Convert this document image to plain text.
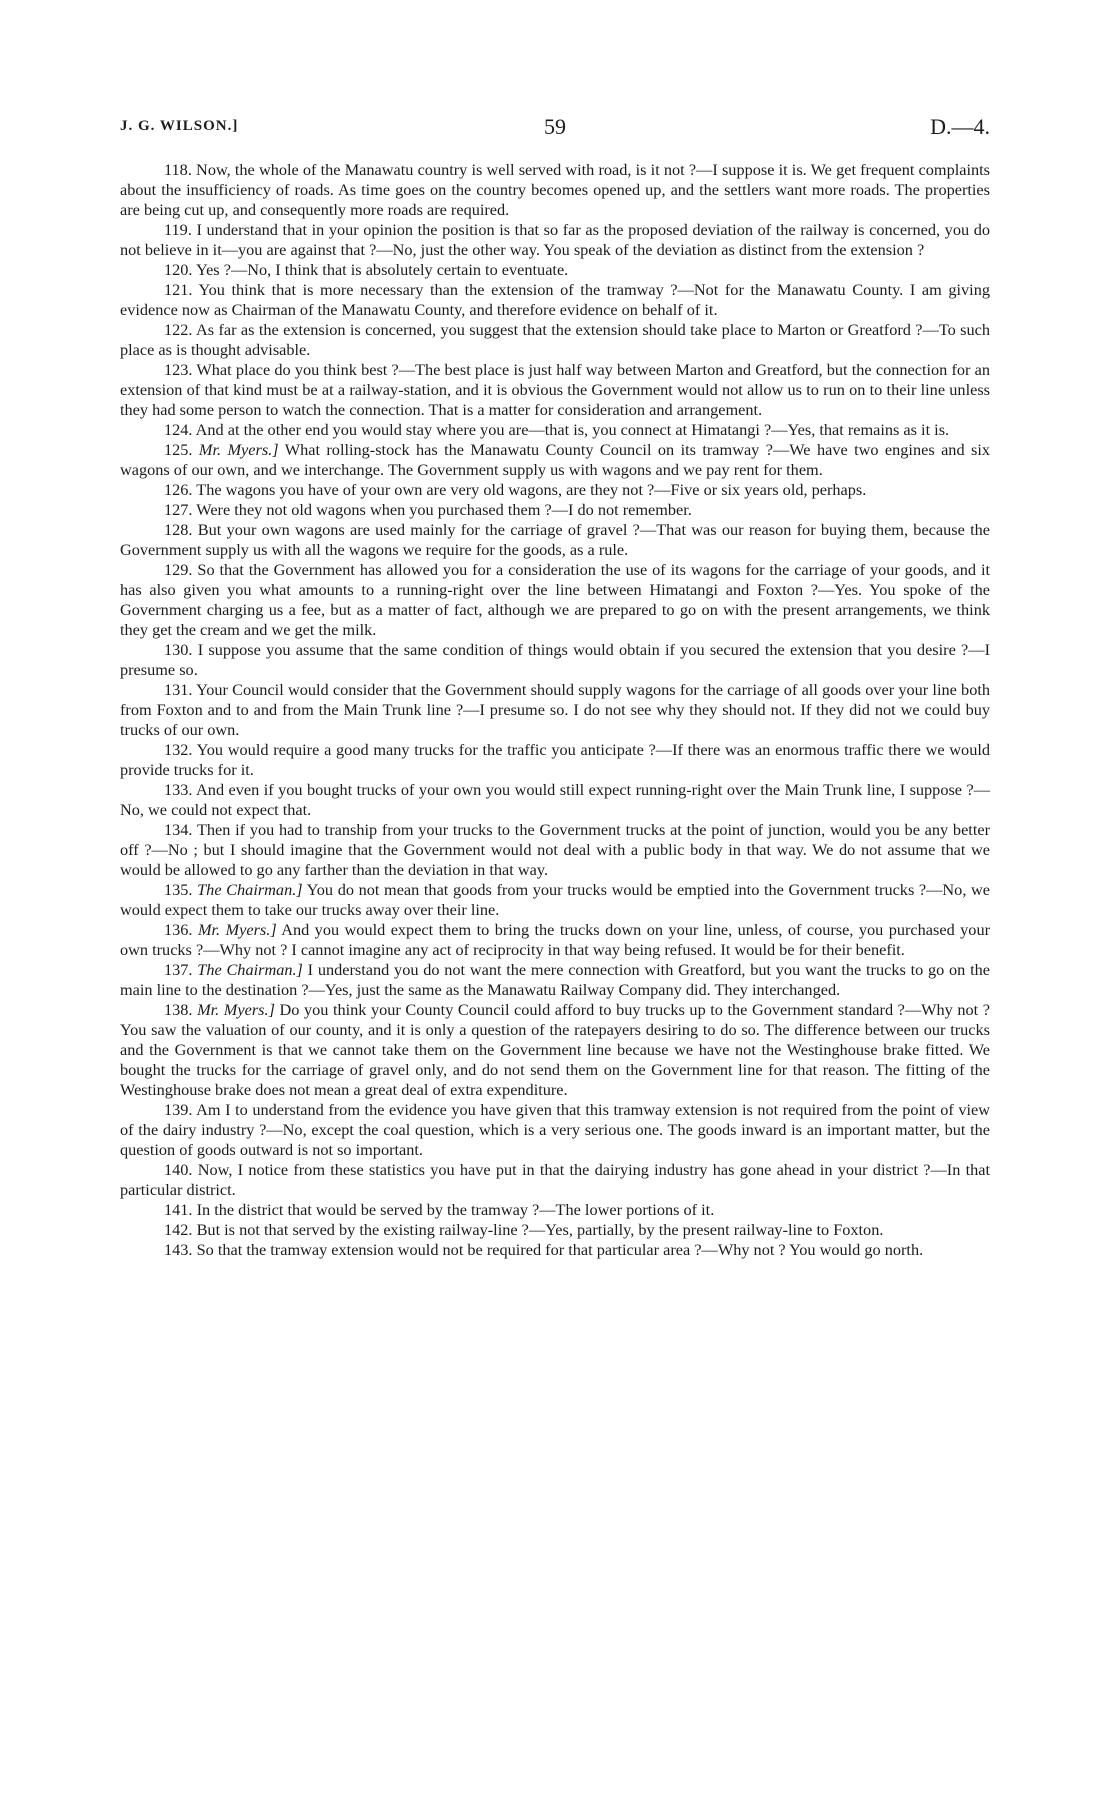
J. G. WILSON.]	59	D.—4.

118. Now, the whole of the Manawatu country is well served with road, is it not ?—I suppose it is. We get frequent complaints about the insufficiency of roads. As time goes on the country becomes opened up, and the settlers want more roads. The properties are being cut up, and consequently more roads are required.

119. I understand that in your opinion the position is that so far as the proposed deviation of the railway is concerned, you do not believe in it—you are against that ?—No, just the other way. You speak of the deviation as distinct from the extension ?

120. Yes ?—No, I think that is absolutely certain to eventuate.

121. You think that is more necessary than the extension of the tramway ?—Not for the Manawatu County. I am giving evidence now as Chairman of the Manawatu County, and therefore evidence on behalf of it.

122. As far as the extension is concerned, you suggest that the extension should take place to Marton or Greatford ?—To such place as is thought advisable.

123. What place do you think best ?—The best place is just half way between Marton and Greatford, but the connection for an extension of that kind must be at a railway-station, and it is obvious the Government would not allow us to run on to their line unless they had some person to watch the connection. That is a matter for consideration and arrangement.

124. And at the other end you would stay where you are—that is, you connect at Himatangi ?—Yes, that remains as it is.

125. Mr. Myers.] What rolling-stock has the Manawatu County Council on its tramway ?—We have two engines and six wagons of our own, and we interchange. The Government supply us with wagons and we pay rent for them.

126. The wagons you have of your own are very old wagons, are they not ?—Five or six years old, perhaps.

127. Were they not old wagons when you purchased them ?—I do not remember.

128. But your own wagons are used mainly for the carriage of gravel ?—That was our reason for buying them, because the Government supply us with all the wagons we require for the goods, as a rule.

129. So that the Government has allowed you for a consideration the use of its wagons for the carriage of your goods, and it has also given you what amounts to a running-right over the line between Himatangi and Foxton ?—Yes. You spoke of the Government charging us a fee, but as a matter of fact, although we are prepared to go on with the present arrangements, we think they get the cream and we get the milk.

130. I suppose you assume that the same condition of things would obtain if you secured the extension that you desire ?—I presume so.

131. Your Council would consider that the Government should supply wagons for the carriage of all goods over your line both from Foxton and to and from the Main Trunk line ?—I presume so. I do not see why they should not. If they did not we could buy trucks of our own.

132. You would require a good many trucks for the traffic you anticipate ?—If there was an enormous traffic there we would provide trucks for it.

133. And even if you bought trucks of your own you would still expect running-right over the Main Trunk line, I suppose ?—No, we could not expect that.

134. Then if you had to tranship from your trucks to the Government trucks at the point of junction, would you be any better off ?—No ; but I should imagine that the Government would not deal with a public body in that way. We do not assume that we would be allowed to go any farther than the deviation in that way.

135. The Chairman.] You do not mean that goods from your trucks would be emptied into the Government trucks ?—No, we would expect them to take our trucks away over their line.

136. Mr. Myers.] And you would expect them to bring the trucks down on your line, unless, of course, you purchased your own trucks ?—Why not ? I cannot imagine any act of reciprocity in that way being refused. It would be for their benefit.

137. The Chairman.] I understand you do not want the mere connection with Greatford, but you want the trucks to go on the main line to the destination ?—Yes, just the same as the Manawatu Railway Company did. They interchanged.

138. Mr. Myers.] Do you think your County Council could afford to buy trucks up to the Government standard ?—Why not ? You saw the valuation of our county, and it is only a question of the ratepayers desiring to do so. The difference between our trucks and the Government is that we cannot take them on the Government line because we have not the Westinghouse brake fitted. We bought the trucks for the carriage of gravel only, and do not send them on the Government line for that reason. The fitting of the Westinghouse brake does not mean a great deal of extra expenditure.

139. Am I to understand from the evidence you have given that this tramway extension is not required from the point of view of the dairy industry ?—No, except the coal question, which is a very serious one. The goods inward is an important matter, but the question of goods outward is not so important.

140. Now, I notice from these statistics you have put in that the dairying industry has gone ahead in your district ?—In that particular district.

141. In the district that would be served by the tramway ?—The lower portions of it.

142. But is not that served by the existing railway-line ?—Yes, partially, by the present railway-line to Foxton.

143. So that the tramway extension would not be required for that particular area ?—Why not ? You would go north.
